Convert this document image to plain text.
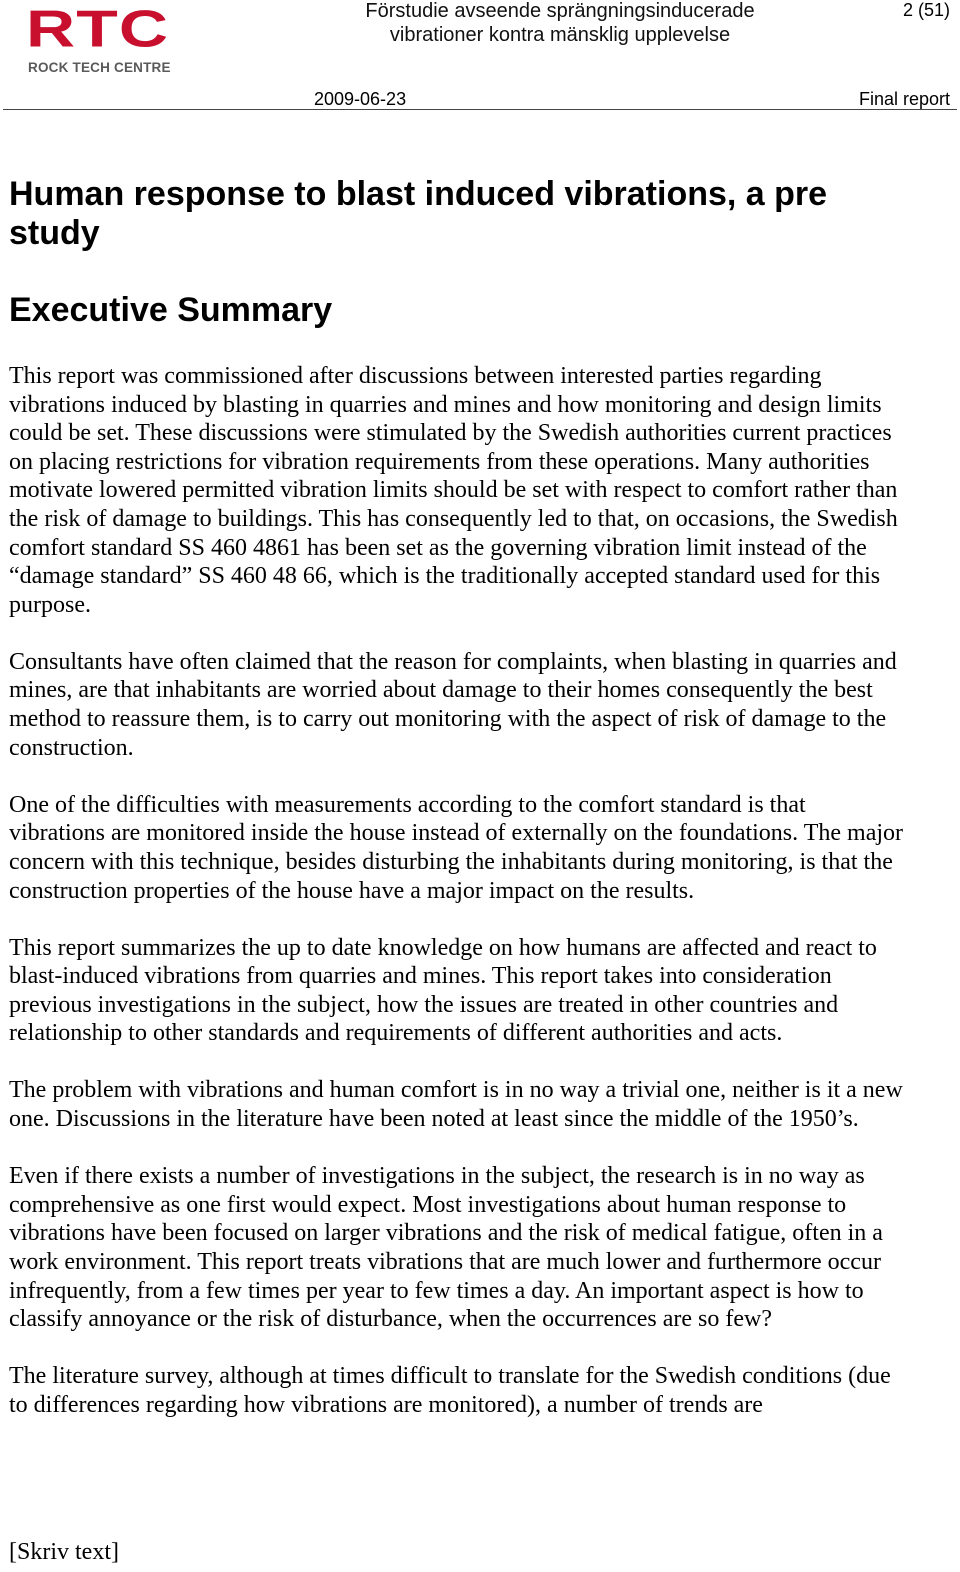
RTC
ROCK TECH CENTRE
Förstudie avseende sprängningsinducerade vibrationer kontra mänsklig upplevelse
2 (51)
2009-06-23	Final report
Human response to blast induced vibrations, a pre study
Executive Summary

This report was commissioned after discussions between interested parties regarding vibrations induced by blasting in quarries and mines and how monitoring and design limits could be set. These discussions were stimulated by the Swedish authorities current practices on placing restrictions for vibration requirements from these operations. Many authorities motivate lowered permitted vibration limits should be set with respect to comfort rather than the risk of damage to buildings. This has consequently led to that, on occasions, the Swedish comfort standard SS 460 4861 has been set as the governing vibration limit instead of the “damage standard” SS 460 48 66, which is the traditionally accepted standard used for this purpose.

Consultants have often claimed that the reason for complaints, when blasting in quarries and mines, are that inhabitants are worried about damage to their homes consequently the best method to reassure them, is to carry out monitoring with the aspect of risk of damage to the construction.

One of the difficulties with measurements according to the comfort standard is that vibrations are monitored inside the house instead of externally on the foundations. The major concern with this technique, besides disturbing the inhabitants during monitoring, is that the construction properties of the house have a major impact on the results.

This report summarizes the up to date knowledge on how humans are affected and react to blast-induced vibrations from quarries and mines. This report takes into consideration previous investigations in the subject, how the issues are treated in other countries and relationship to other standards and requirements of different authorities and acts.

The problem with vibrations and human comfort is in no way a trivial one, neither is it a new one. Discussions in the literature have been noted at least since the middle of the 1950’s.

Even if there exists a number of investigations in the subject, the research is in no way as comprehensive as one first would expect. Most investigations about human response to vibrations have been focused on larger vibrations and the risk of medical fatigue, often in a work environment. This report treats vibrations that are much lower and furthermore occur infrequently, from a few times per year to few times a day. An important aspect is how to classify annoyance or the risk of disturbance, when the occurrences are so few?

The literature survey, although at times difficult to translate for the Swedish conditions (due to differences regarding how vibrations are monitored), a number of trends are

[Skriv text]
